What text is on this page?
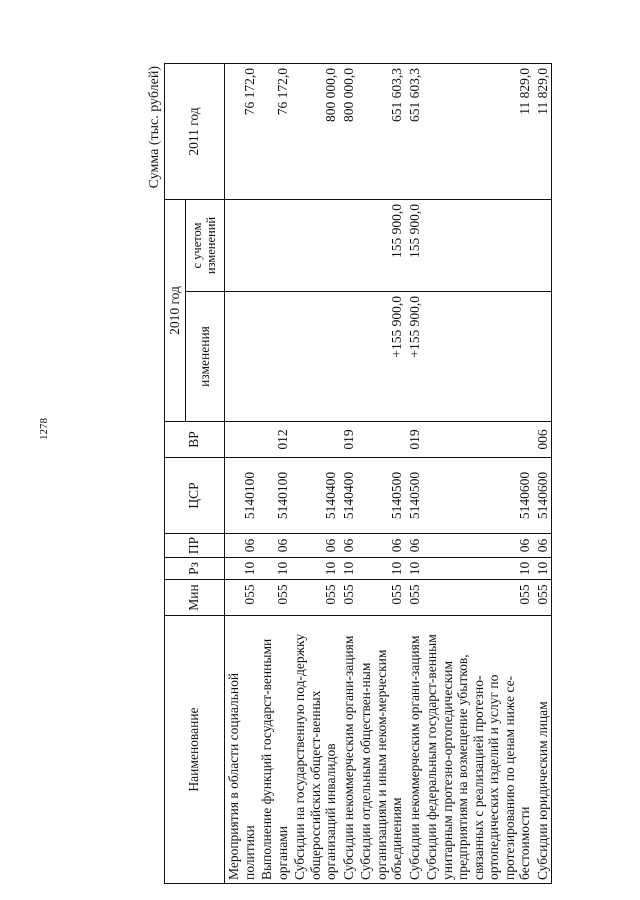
1278
Сумма (тыс. рублей)
Наименование	Мин	Рз	ПР	ЦСР	ВР	2010 год		2011 год
						изменения	с учетом изменений	
Мероприятия в области социальной политики	055	10	06	5140100				76 172,0
Выполнение функций государст-венными органами	055	10	06	5140100	012			76 172,0
Субсидии на государственную под-держку общероссийских общест-венных организаций инвалидов	055	10	06	5140400				800 000,0
Субсидии некоммерческим органи-зациям	055	10	06	5140400	019			800 000,0
Субсидии отдельным обществен-ным организациям и иным неком-мерческим объединениям	055	10	06	5140500		+155 900,0	155 900,0	651 603,3
Субсидии некоммерческим органи-зациям	055	10	06	5140500	019	+155 900,0	155 900,0	651 603,3
Субсидии федеральным государст-венным унитарным протезно-ортопедическим предприятиям на возмещение убытков, связанных с реализацией протезно-ортопедических изделий и услуг по протезированию по ценам ниже се-бестоимости	055	10	06	5140600				11 829,0
Субсидии юридическим лицам	055	10	06	5140600	006			11 829,0
